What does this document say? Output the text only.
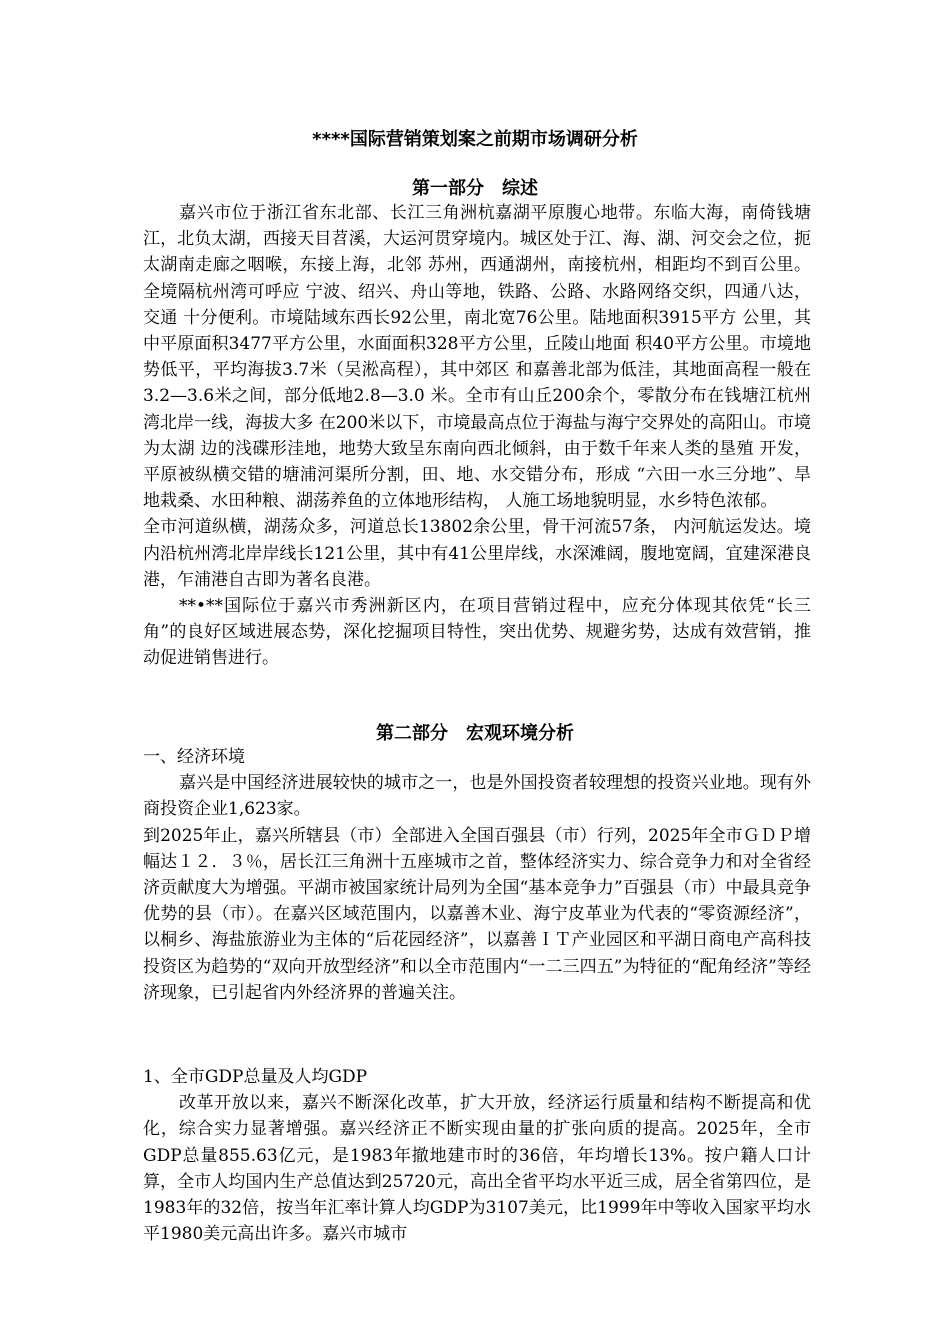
****国际营销策划案之前期市场调研分析
第一部分　综述

嘉兴市位于浙江省东北部、长江三角洲杭嘉湖平原腹心地带。东临大海，南倚钱塘江，北负太湖，西接天目苕溪，大运河贯穿境内。城区处于江、海、湖、河交会之位，扼太湖南走廊之咽喉，东接上海，北邻 苏州，西通湖州，南接杭州，相距均不到百公里。全境隔杭州湾可呼应 宁波、绍兴、舟山等地，铁路、公路、水路网络交织，四通八达，交通 十分便利。市境陆域东西长92公里，南北宽76公里。陆地面积3915平方 公里，其中平原面积3477平方公里，水面面积328平方公里，丘陵山地面 积40平方公里。市境地势低平，平均海拔3.7米（吴淞高程），其中郊区 和嘉善北部为低洼，其地面高程一般在3.2—3.6米之间，部分低地2.8—3.0 米。全市有山丘200余个，零散分布在钱塘江杭州湾北岸一线，海拔大多 在200米以下，市境最高点位于海盐与海宁交界处的高阳山。市境为太湖 边的浅碟形洼地，地势大致呈东南向西北倾斜，由于数千年来人类的垦殖 开发，平原被纵横交错的塘浦河渠所分割，田、地、水交错分布，形成 “六田一水三分地”、旱地栽桑、水田种粮、湖荡养鱼的立体地形结构， 人施工场地貌明显，水乡特色浓郁。

全市河道纵横，湖荡众多，河道总长13802余公里，骨干河流57条， 内河航运发达。境内沿杭州湾北岸岸线长121公里，其中有41公里岸线，水深滩阔，腹地宽阔，宜建深港良港，乍浦港自古即为著名良港。

**•**国际位于嘉兴市秀洲新区内，在项目营销过程中，应充分体现其依凭“长三角”的良好区域进展态势，深化挖掘项目特性，突出优势、规避劣势，达成有效营销，推动促进销售进行。

第二部分　宏观环境分析

一、经济环境

嘉兴是中国经济进展较快的城市之一，也是外国投资者较理想的投资兴业地。现有外商投资企业1,623家。

到2025年止，嘉兴所辖县（市）全部进入全国百强县（市）行列，2025年全市ＧＤＰ增幅达１２．３％，居长江三角洲十五座城市之首，整体经济实力、综合竞争力和对全省经济贡献度大为增强。平湖市被国家统计局列为全国“基本竞争力”百强县（市）中最具竞争优势的县（市）。在嘉兴区域范围内，以嘉善木业、海宁皮革业为代表的“零资源经济”，以桐乡、海盐旅游业为主体的“后花园经济”，以嘉善ＩＴ产业园区和平湖日商电产高科技投资区为趋势的“双向开放型经济”和以全市范围内“一二三四五”为特征的“配角经济”等经济现象，已引起省内外经济界的普遍关注。

1、全市GDP总量及人均GDP

改革开放以来，嘉兴不断深化改革，扩大开放，经济运行质量和结构不断提高和优化，综合实力显著增强。嘉兴经济正不断实现由量的扩张向质的提高。2025年，全市GDP总量855.63亿元，是1983年撤地建市时的36倍，年均增长13%。按户籍人口计算，全市人均国内生产总值达到25720元，高出全省平均水平近三成，居全省第四位，是1983年的32倍，按当年汇率计算人均GDP为3107美元，比1999年中等收入国家平均水平1980美元高出许多。嘉兴市城市
